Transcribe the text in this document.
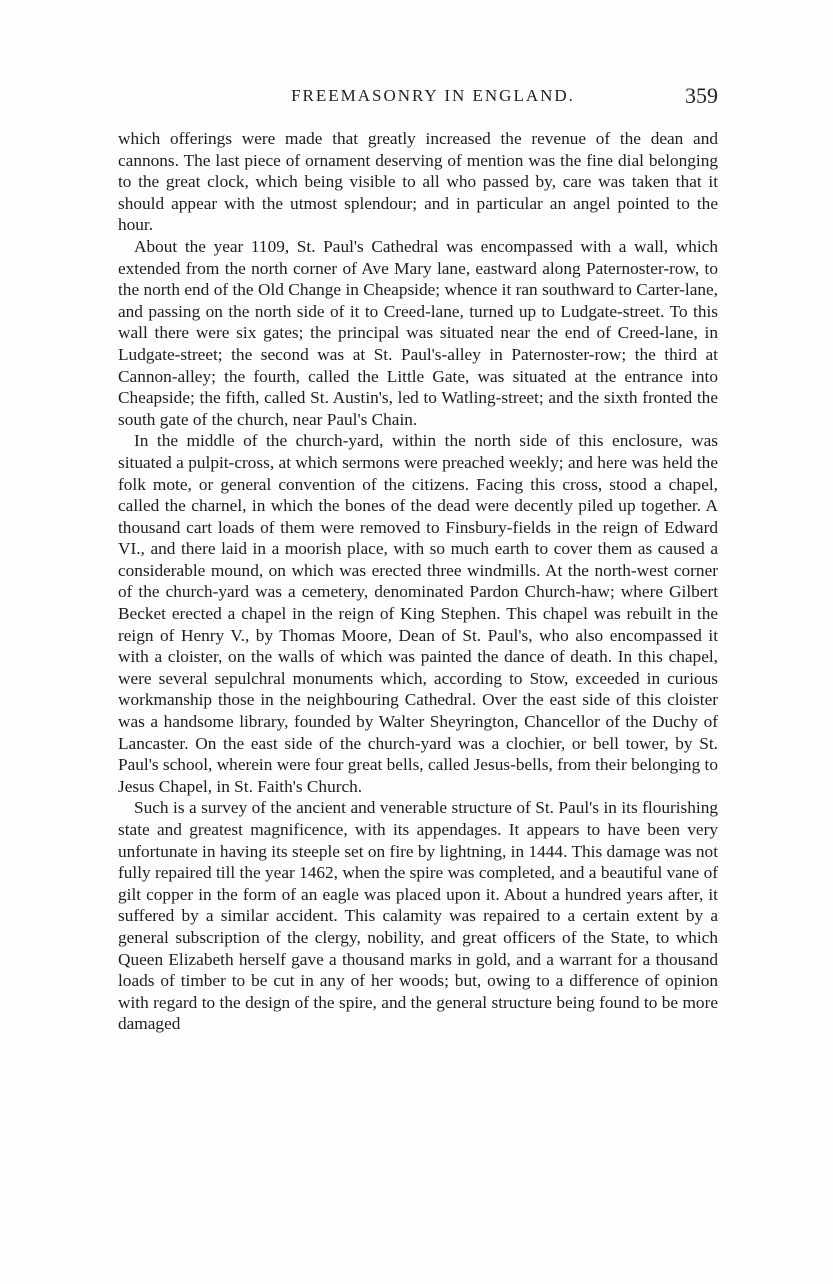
FREEMASONRY IN ENGLAND.	359

which offerings were made that greatly increased the revenue of the dean and cannons. The last piece of ornament deserving of mention was the fine dial belonging to the great clock, which being visible to all who passed by, care was taken that it should appear with the utmost splendour; and in particular an angel pointed to the hour.

About the year 1109, St. Paul's Cathedral was encompassed with a wall, which extended from the north corner of Ave Mary lane, eastward along Paternoster-row, to the north end of the Old Change in Cheapside; whence it ran southward to Carter-lane, and passing on the north side of it to Creed-lane, turned up to Ludgate-street. To this wall there were six gates; the principal was situated near the end of Creed-lane, in Ludgate-street; the second was at St. Paul's-alley in Paternoster-row; the third at Cannon-alley; the fourth, called the Little Gate, was situated at the entrance into Cheapside; the fifth, called St. Austin's, led to Watling-street; and the sixth fronted the south gate of the church, near Paul's Chain.

In the middle of the church-yard, within the north side of this enclosure, was situated a pulpit-cross, at which sermons were preached weekly; and here was held the folk mote, or general convention of the citizens. Facing this cross, stood a chapel, called the charnel, in which the bones of the dead were decently piled up together. A thousand cart loads of them were removed to Finsbury-fields in the reign of Edward VI., and there laid in a moorish place, with so much earth to cover them as caused a considerable mound, on which was erected three windmills. At the north-west corner of the church-yard was a cemetery, denominated Pardon Church-haw; where Gilbert Becket erected a chapel in the reign of King Stephen. This chapel was rebuilt in the reign of Henry V., by Thomas Moore, Dean of St. Paul's, who also encompassed it with a cloister, on the walls of which was painted the dance of death. In this chapel, were several sepulchral monuments which, according to Stow, exceeded in curious workmanship those in the neighbouring Cathedral. Over the east side of this cloister was a handsome library, founded by Walter Sheyrington, Chancellor of the Duchy of Lancaster. On the east side of the church-yard was a clochier, or bell tower, by St. Paul's school, wherein were four great bells, called Jesus-bells, from their belonging to Jesus Chapel, in St. Faith's Church.

Such is a survey of the ancient and venerable structure of St. Paul's in its flourishing state and greatest magnificence, with its appendages. It appears to have been very unfortunate in having its steeple set on fire by lightning, in 1444. This damage was not fully repaired till the year 1462, when the spire was completed, and a beautiful vane of gilt copper in the form of an eagle was placed upon it. About a hundred years after, it suffered by a similar accident. This calamity was repaired to a certain extent by a general subscription of the clergy, nobility, and great officers of the State, to which Queen Elizabeth herself gave a thousand marks in gold, and a warrant for a thousand loads of timber to be cut in any of her woods; but, owing to a difference of opinion with regard to the design of the spire, and the general structure being found to be more damaged
